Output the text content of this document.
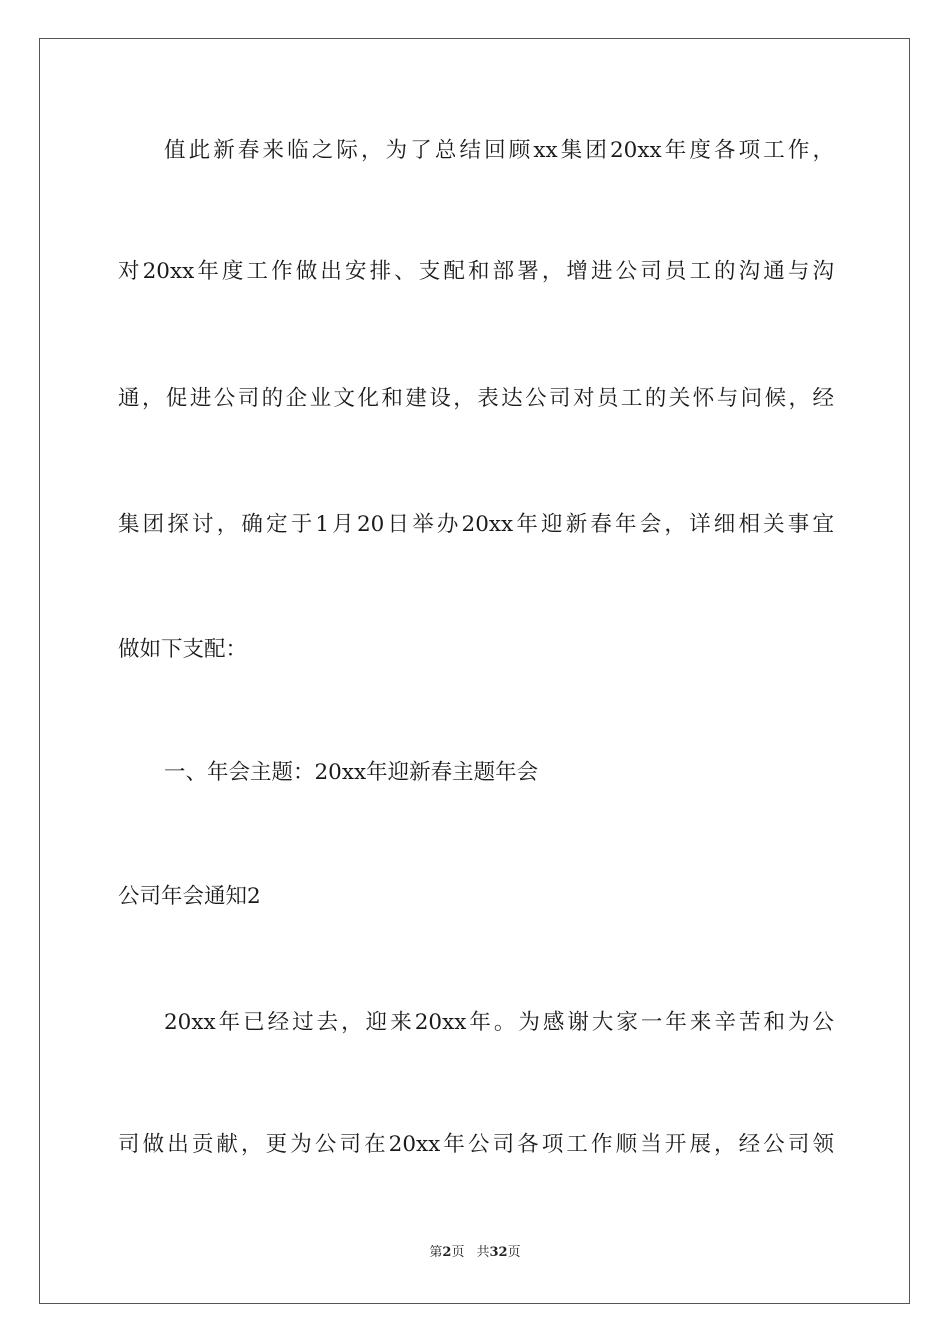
值此新春来临之际，为了总结回顾xx集团20xx年度各项工作，

对20xx年度工作做出安排、支配和部署，增进公司员工的沟通与沟

通，促进公司的企业文化和建设，表达公司对员工的关怀与问候，经

集团探讨，确定于1月20日举办20xx年迎新春年会，详细相关事宜

做如下支配：

一、年会主题：20xx年迎新春主题年会

公司年会通知2

20xx年已经过去，迎来20xx年。为感谢大家一年来辛苦和为公

司做出贡献，更为公司在20xx年公司各项工作顺当开展，经公司领

第2页 共32页
